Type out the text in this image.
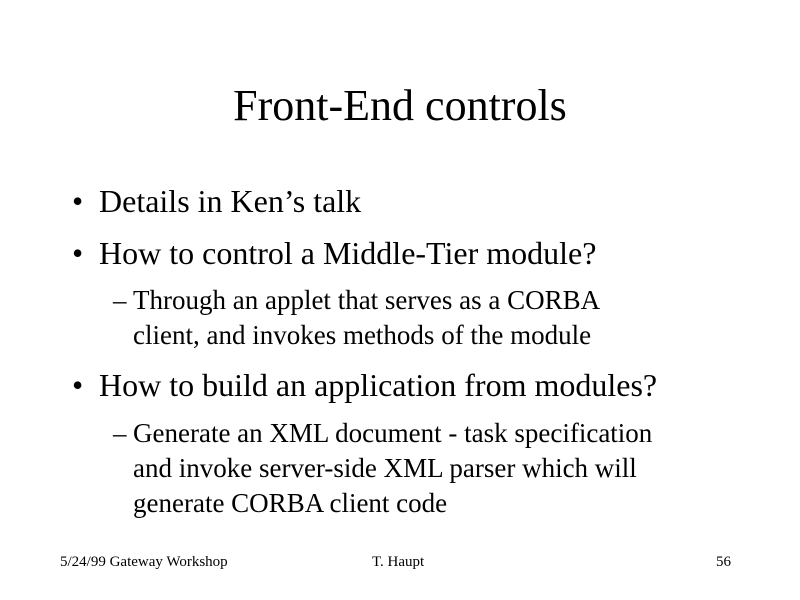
Front-End controls
• Details in Ken’s talk
• How to control a Middle-Tier module?
– Through an applet that serves as a CORBA
client, and invokes methods of the module
• How to build an application from modules?
– Generate an XML document - task specification
and invoke server-side XML parser which will
generate CORBA client code
5/24/99 Gateway Workshop	T. Haupt	56
